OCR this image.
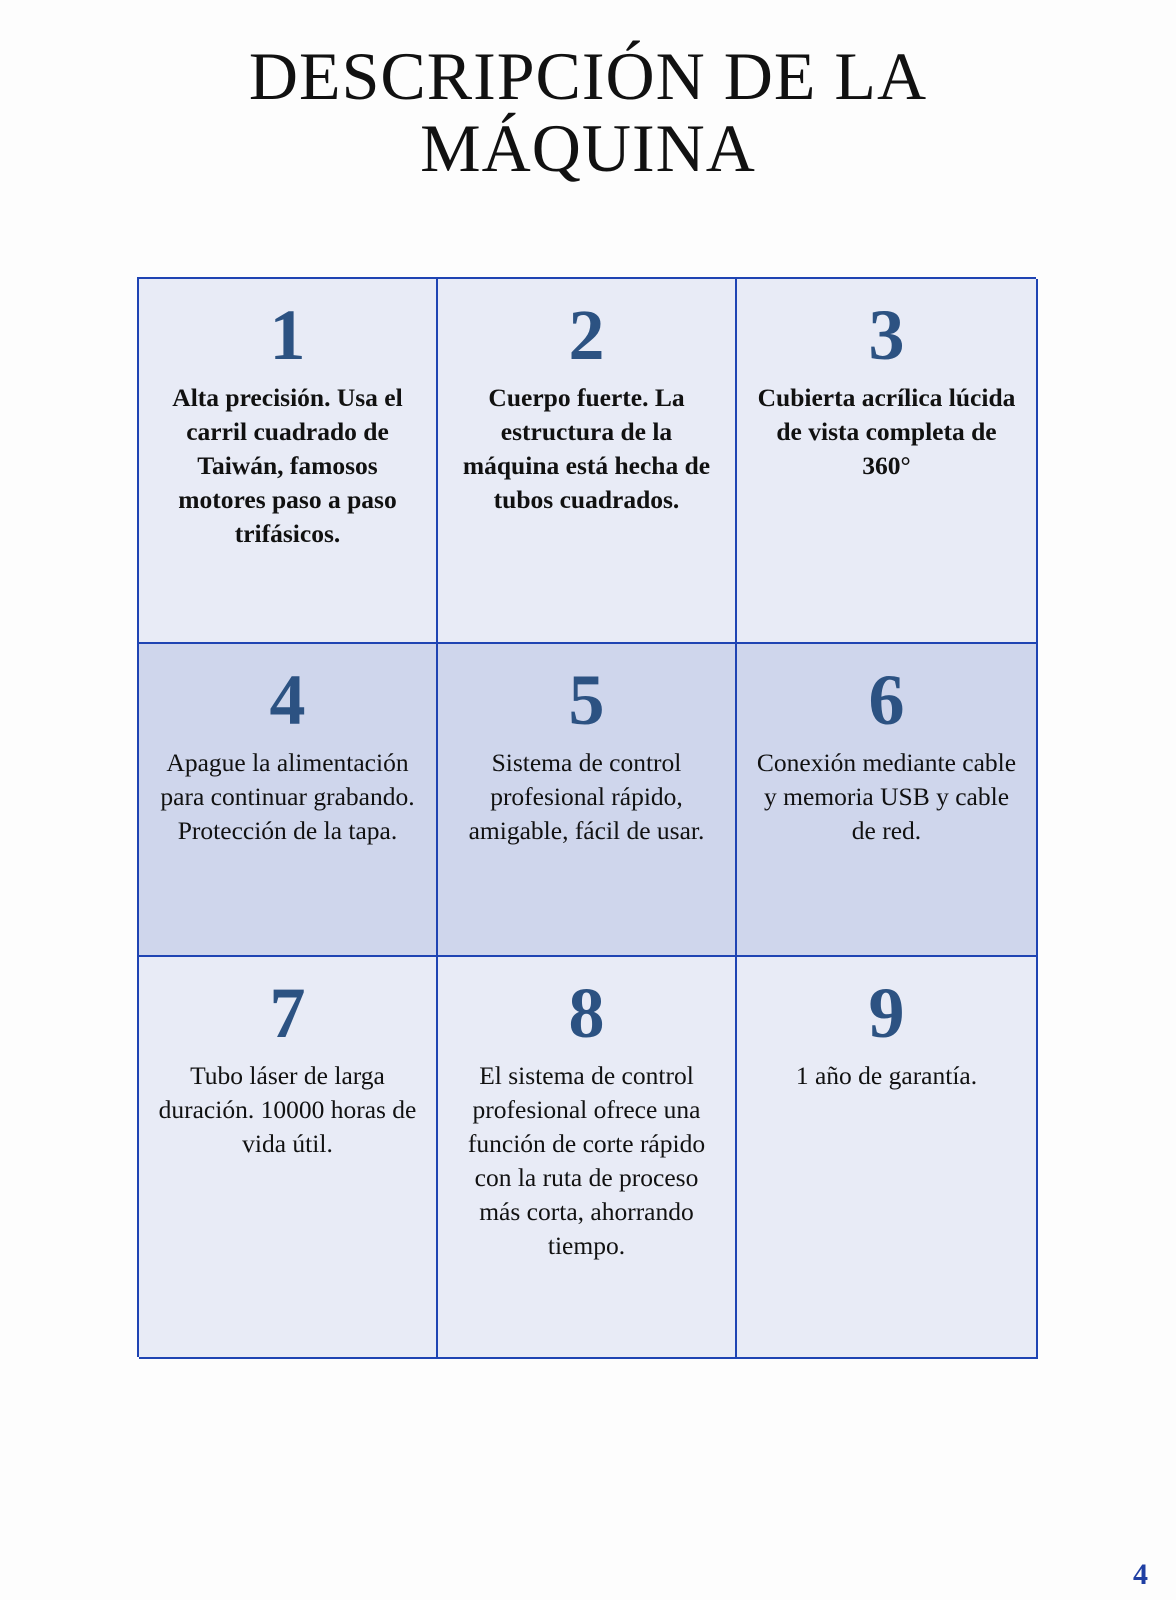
DESCRIPCIÓN DE LA
MÁQUINA
1
Alta precisión. Usa el carril cuadrado de Taiwán, famosos motores paso a paso trifásicos.
2
Cuerpo fuerte. La estructura de la máquina está hecha de tubos cuadrados.
3
Cubierta acrílica lúcida de vista completa de 360°
4
Apague la alimentación para continuar grabando. Protección de la tapa.
5
Sistema de control profesional rápido, amigable, fácil de usar.
6
Conexión mediante cable y memoria USB y cable de red.
7
Tubo láser de larga duración. 10000 horas de vida útil.
8
El sistema de control profesional ofrece una función de corte rápido con la ruta de proceso más corta, ahorrando tiempo.
9
1 año de garantía.
4
